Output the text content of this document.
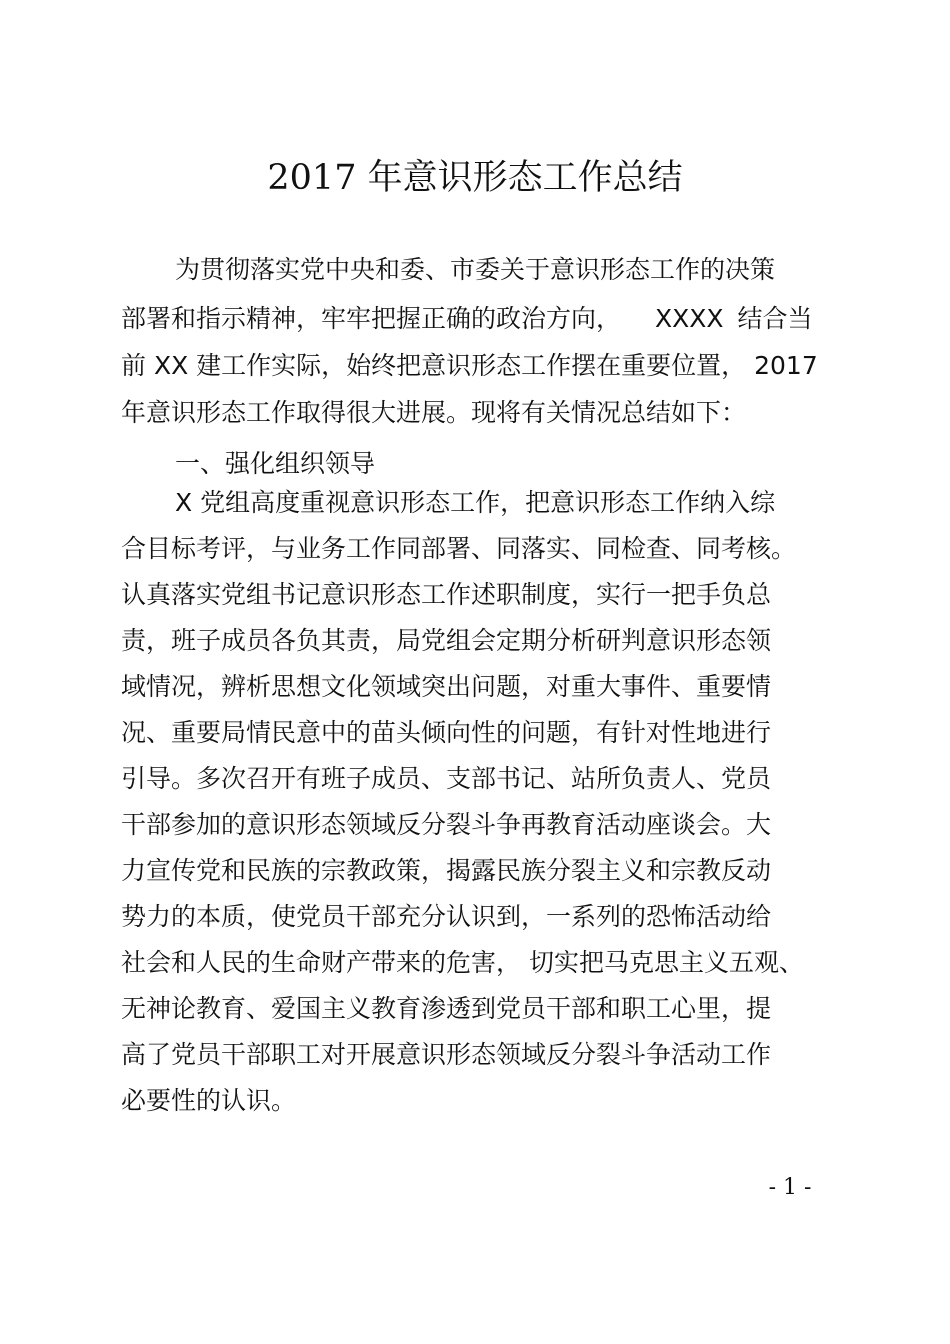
2017 年意识形态工作总结
为贯彻落实党中央和委、市委关于意识形态工作的决策
部署和指示精神，牢牢把握正确的政治方向， XXXX 结合当
前 XX 建工作实际，始终把意识形态工作摆在重要位置， 2017
年意识形态工作取得很大进展。现将有关情况总结如下：
一、强化组织领导
X 党组高度重视意识形态工作，把意识形态工作纳入综
合目标考评，与业务工作同部署、同落实、同检查、同考核。
认真落实党组书记意识形态工作述职制度，实行一把手负总
责，班子成员各负其责，局党组会定期分析研判意识形态领
域情况，辨析思想文化领域突出问题，对重大事件、重要情
况、重要局情民意中的苗头倾向性的问题，有针对性地进行
引导。多次召开有班子成员、支部书记、站所负责人、党员
干部参加的意识形态领域反分裂斗争再教育活动座谈会。大
力宣传党和民族的宗教政策，揭露民族分裂主义和宗教反动
势力的本质，使党员干部充分认识到，一系列的恐怖活动给
社会和人民的生命财产带来的危害， 切实把马克思主义五观、
无神论教育、爱国主义教育渗透到党员干部和职工心里，提
高了党员干部职工对开展意识形态领域反分裂斗争活动工作
必要性的认识。
- 1 -
